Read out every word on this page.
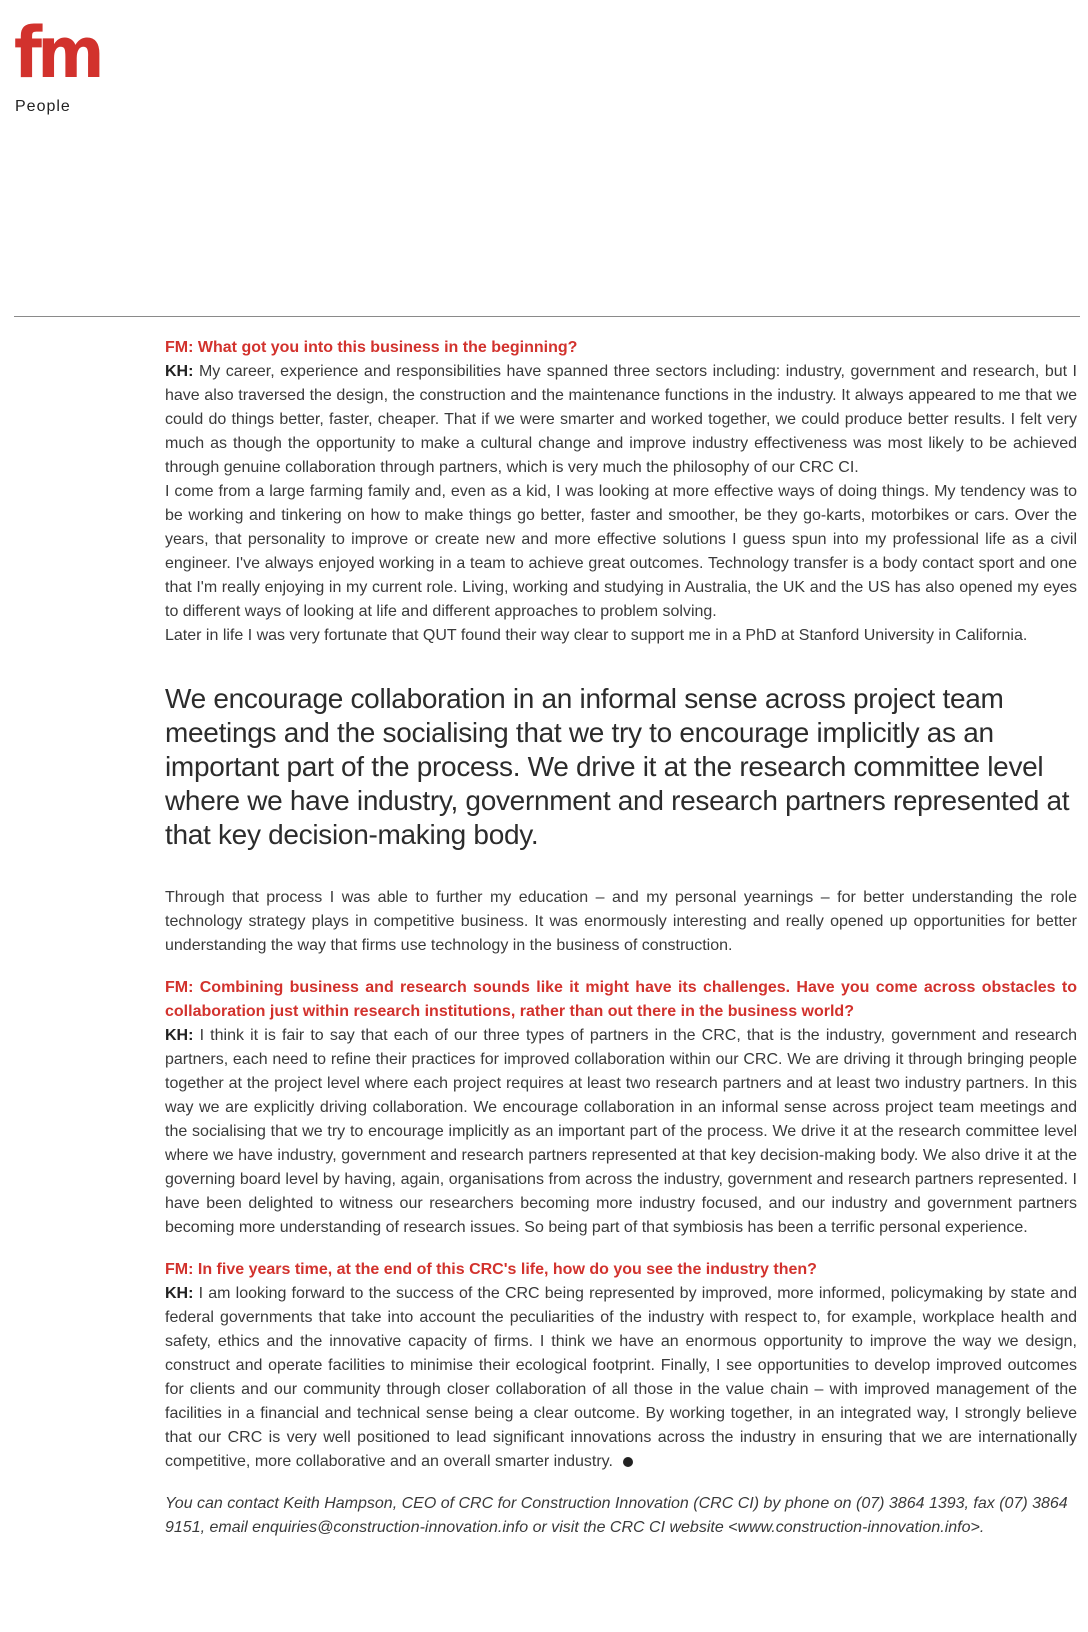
fm
People

FM: What got you into this business in the beginning?

KH: My career, experience and responsibilities have spanned three sectors including: industry, government and research, but I have also traversed the design, the construction and the maintenance functions in the industry. It always appeared to me that we could do things better, faster, cheaper. That if we were smarter and worked together, we could produce better results. I felt very much as though the opportunity to make a cultural change and improve industry effectiveness was most likely to be achieved through genuine collaboration through partners, which is very much the philosophy of our CRC CI.

I come from a large farming family and, even as a kid, I was looking at more effective ways of doing things. My tendency was to be working and tinkering on how to make things go better, faster and smoother, be they go-karts, motorbikes or cars. Over the years, that personality to improve or create new and more effective solutions I guess spun into my professional life as a civil engineer. I've always enjoyed working in a team to achieve great outcomes. Technology transfer is a body contact sport and one that I'm really enjoying in my current role. Living, working and studying in Australia, the UK and the US has also opened my eyes to different ways of looking at life and different approaches to problem solving.

Later in life I was very fortunate that QUT found their way clear to support me in a PhD at Stanford University in California.

We encourage collaboration in an informal sense across project team meetings and the socialising that we try to encourage implicitly as an important part of the process. We drive it at the research committee level where we have industry, government and research partners represented at that key decision-making body.

Through that process I was able to further my education – and my personal yearnings – for better understanding the role technology strategy plays in competitive business. It was enormously interesting and really opened up opportunities for better understanding the way that firms use technology in the business of construction.

FM: Combining business and research sounds like it might have its challenges. Have you come across obstacles to collaboration just within research institutions, rather than out there in the business world?

KH: I think it is fair to say that each of our three types of partners in the CRC, that is the industry, government and research partners, each need to refine their practices for improved collaboration within our CRC. We are driving it through bringing people together at the project level where each project requires at least two research partners and at least two industry partners. In this way we are explicitly driving collaboration. We encourage collaboration in an informal sense across project team meetings and the socialising that we try to encourage implicitly as an important part of the process. We drive it at the research committee level where we have industry, government and research partners represented at that key decision-making body. We also drive it at the governing board level by having, again, organisations from across the industry, government and research partners represented. I have been delighted to witness our researchers becoming more industry focused, and our industry and government partners becoming more understanding of research issues. So being part of that symbiosis has been a terrific personal experience.

FM: In five years time, at the end of this CRC's life, how do you see the industry then?

KH: I am looking forward to the success of the CRC being represented by improved, more informed, policymaking by state and federal governments that take into account the peculiarities of the industry with respect to, for example, workplace health and safety, ethics and the innovative capacity of firms. I think we have an enormous opportunity to improve the way we design, construct and operate facilities to minimise their ecological footprint. Finally, I see opportunities to develop improved outcomes for clients and our community through closer collaboration of all those in the value chain – with improved management of the facilities in a financial and technical sense being a clear outcome. By working together, in an integrated way, I strongly believe that our CRC is very well positioned to lead significant innovations across the industry in ensuring that we are internationally competitive, more collaborative and an overall smarter industry.

You can contact Keith Hampson, CEO of CRC for Construction Innovation (CRC CI) by phone on (07) 3864 1393, fax (07) 3864 9151, email enquiries@construction-innovation.info or visit the CRC CI website <www.construction-innovation.info>.
